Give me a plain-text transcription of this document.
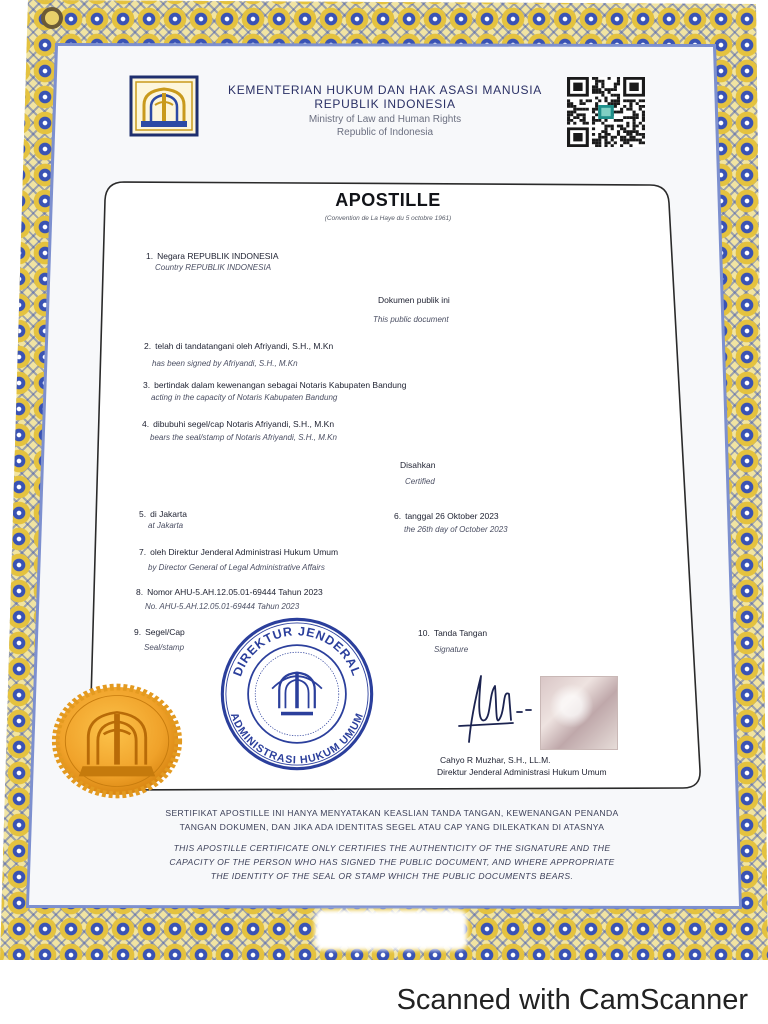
KEMENTERIAN HUKUM DAN HAK ASASI MANUSIA
REPUBLIK INDONESIA
Ministry of Law and Human Rights
Republic of Indonesia
APOSTILLE
(Convention de La Haye du 5 octobre 1961)
1. Negara REPUBLIK INDONESIA
Country REPUBLIK INDONESIA
Dokumen publik ini
This public document
2. telah di tandatangani oleh Afriyandi, S.H., M.Kn
has been signed by Afriyandi, S.H., M.Kn
3. bertindak dalam kewenangan sebagai Notaris Kabupaten Bandung
acting in the capacity of Notaris Kabupaten Bandung
4. dibubuhi segel/cap Notaris Afriyandi, S.H., M.Kn
bears the seal/stamp of Notaris Afriyandi, S.H., M.Kn
Disahkan
Certified
5. di Jakarta
at Jakarta
6. tanggal 26 Oktober 2023
the 26th day of October 2023
7. oleh Direktur Jenderal Administrasi Hukum Umum
by Director General of Legal Administrative Affairs
8. Nomor AHU-5.AH.12.05.01-69444 Tahun 2023
No. AHU-5.AH.12.05.01-69444 Tahun 2023
9. Segel/Cap
Seal/stamp
10. Tanda Tangan
Signature
DIREKTUR JENDERAL
ADMINISTRASI HUKUM UMUM
Cahyo R Muzhar, S.H., LL.M.
Direktur Jenderal Administrasi Hukum Umum
SERTIFIKAT APOSTILLE INI HANYA MENYATAKAN KEASLIAN TANDA TANGAN, KEWENANGAN PENANDA
TANGAN DOKUMEN, DAN JIKA ADA IDENTITAS SEGEL ATAU CAP YANG DILEKATKAN DI ATASNYA
THIS APOSTILLE CERTIFICATE ONLY CERTIFIES THE AUTHENTICITY OF THE SIGNATURE AND THE
CAPACITY OF THE PERSON WHO HAS SIGNED THE PUBLIC DOCUMENT, AND WHERE APPROPRIATE
THE IDENTITY OF THE SEAL OR STAMP WHICH THE PUBLIC DOCUMENTS BEARS.
Scanned with CamScanner
